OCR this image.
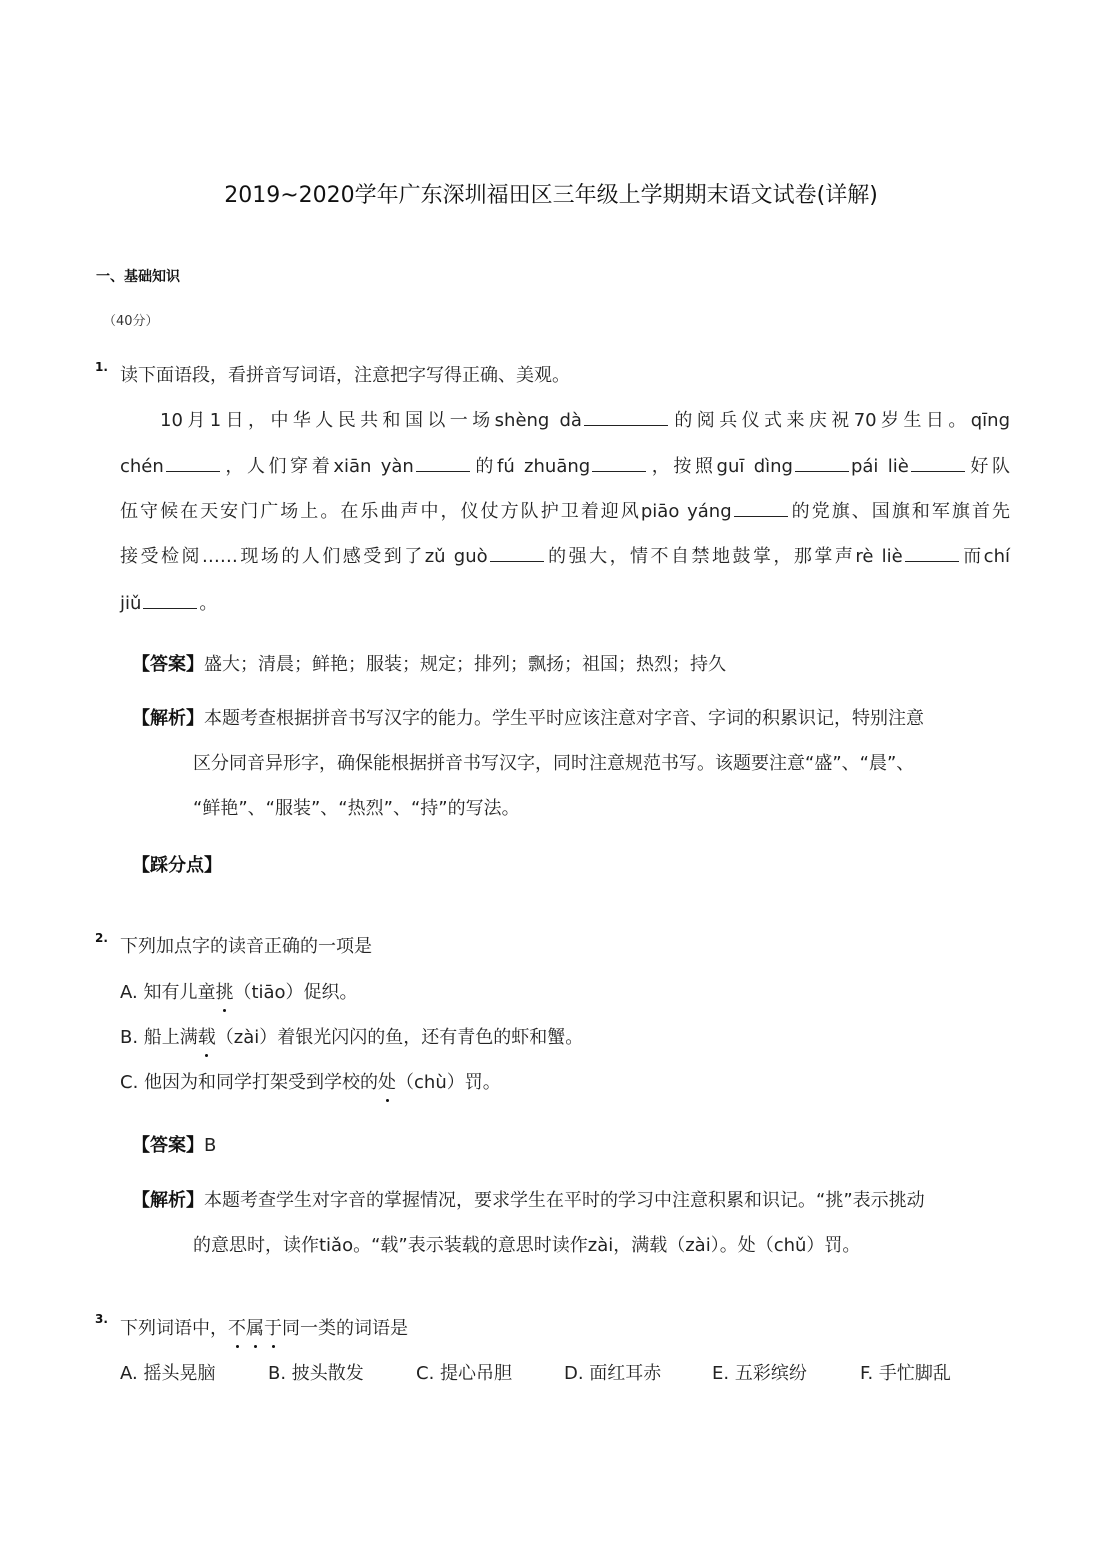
2019~2020学年广东深圳福田区三年级上学期期末语文试卷(详解)
一、基础知识
（40分）
1. 读下面语段，看拼音写词语，注意把字写得正确、美观。
10月1日，中华人民共和国以一场shèng dà	的阅兵仪式来庆祝70岁生日。qīng
chén	，人们穿着xiān yàn	的fú zhuāng	，按照guī dìng	pái liè	好队
伍守候在天安门广场上。在乐曲声中，仪仗方队护卫着迎风piāo yáng	的党旗、国旗和军旗首先
接受检阅……现场的人们感受到了zǔ guò	的强大，情不自禁地鼓掌，那掌声rè liè	而chí
jiǔ	。
【答案】盛大；清晨；鲜艳；服装；规定；排列；飘扬；祖国；热烈；持久
【解析】本题考查根据拼音书写汉字的能力。学生平时应该注意对字音、字词的积累识记，特别注意
区分同音异形字，确保能根据拼音书写汉字，同时注意规范书写。该题要注意“盛”、“晨”、
“鲜艳”、“服装”、“热烈”、“持”的写法。
【踩分点】
2. 下列加点字的读音正确的一项是
A. 知有儿童挑（tiāo）促织。
B. 船上满载（zài）着银光闪闪的鱼，还有青色的虾和蟹。
C. 他因为和同学打架受到学校的处（chù）罚。
【答案】B
【解析】本题考查学生对字音的掌握情况，要求学生在平时的学习中注意积累和识记。“挑”表示挑动
的意思时，读作tiǎo。“载”表示装载的意思时读作zài，满载（zài）。处（chǔ）罚。
3. 下列词语中，不属于同一类的词语是
A. 摇头晃脑	B. 披头散发	C. 提心吊胆	D. 面红耳赤	E. 五彩缤纷	F. 手忙脚乱
